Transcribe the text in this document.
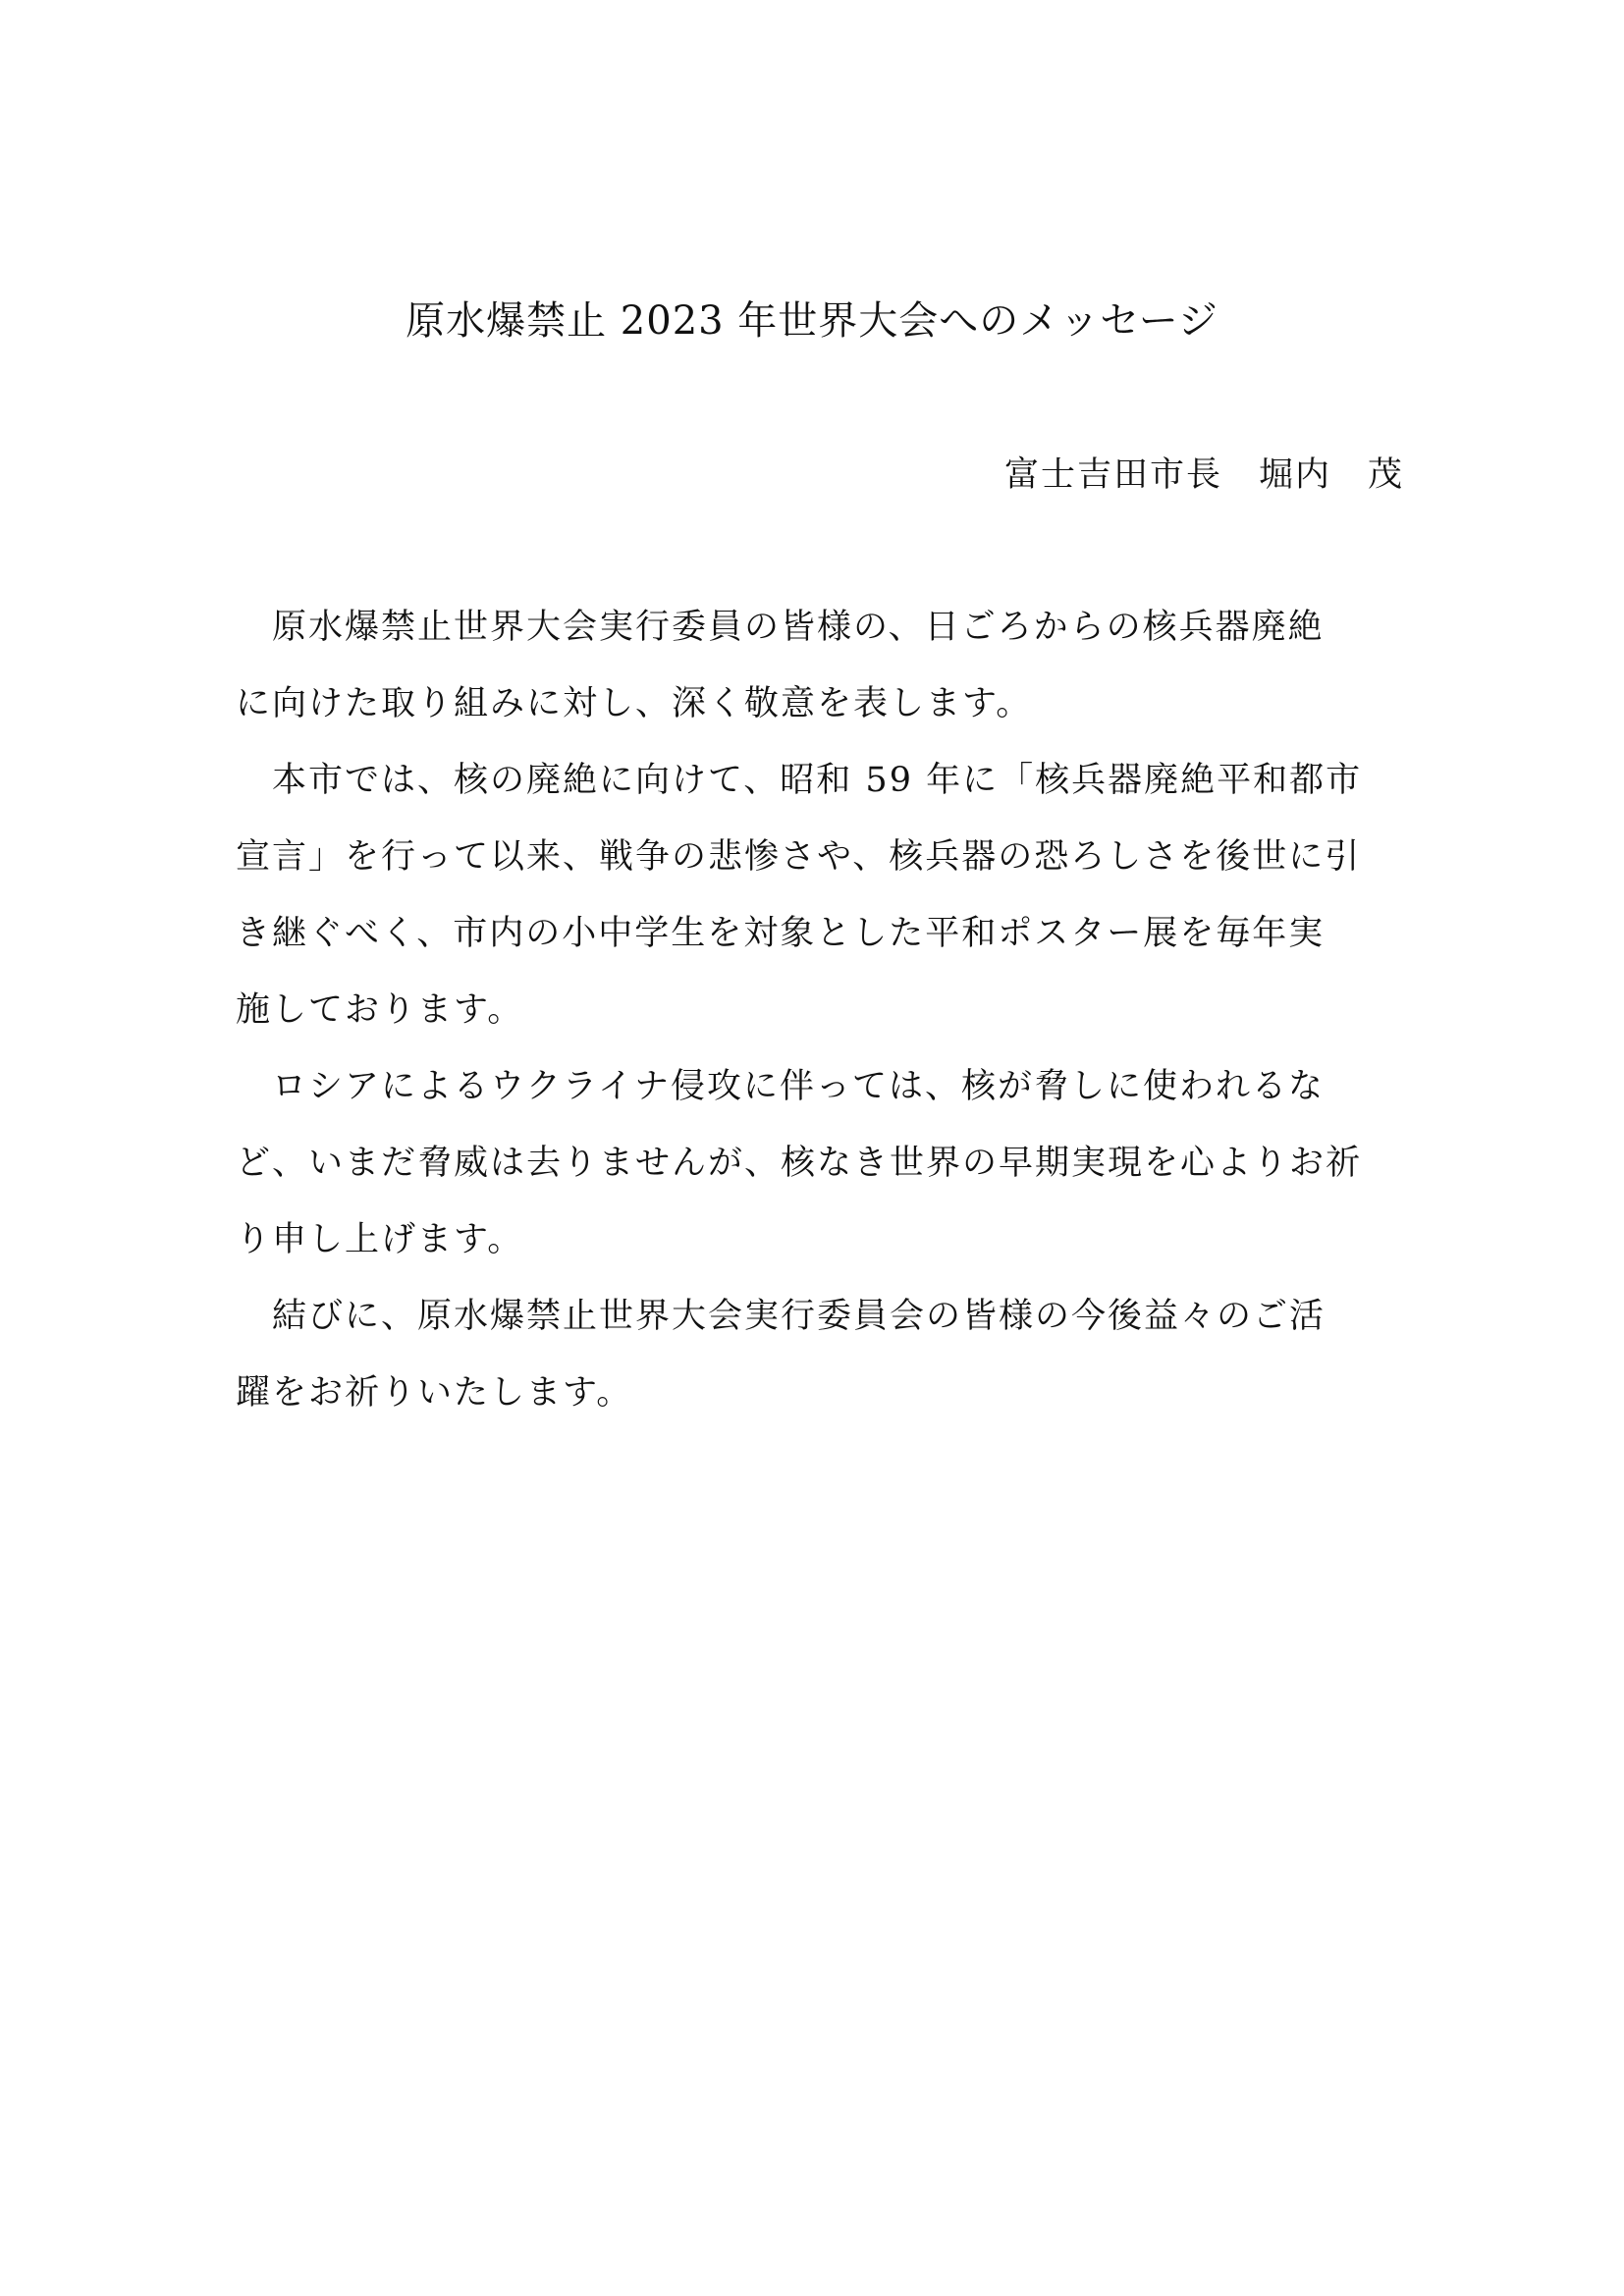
原水爆禁止 2023 年世界大会へのメッセージ
富士吉田市長　堀内　茂
　原水爆禁止世界大会実行委員の皆様の、日ごろからの核兵器廃絶
に向けた取り組みに対し、深く敬意を表します。
　本市では、核の廃絶に向けて、昭和 59 年に「核兵器廃絶平和都市
宣言」を行って以来、戦争の悲惨さや、核兵器の恐ろしさを後世に引
き継ぐべく、市内の小中学生を対象とした平和ポスター展を毎年実
施しております。
　ロシアによるウクライナ侵攻に伴っては、核が脅しに使われるな
ど、いまだ脅威は去りませんが、核なき世界の早期実現を心よりお祈
り申し上げます。
　結びに、原水爆禁止世界大会実行委員会の皆様の今後益々のご活
躍をお祈りいたします。
